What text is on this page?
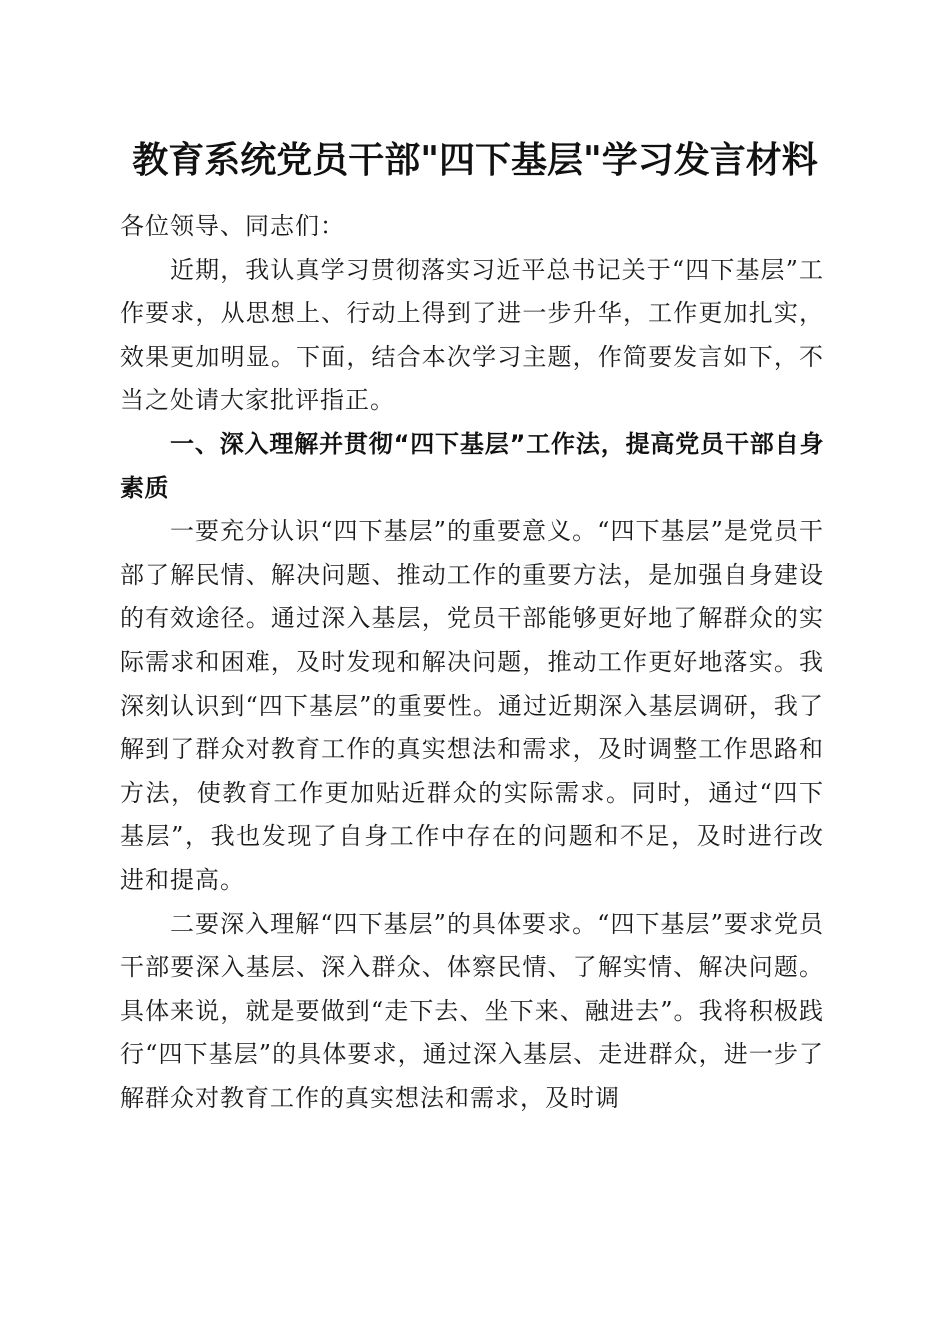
教育系统党员干部"四下基层"学习发言材料

各位领导、同志们：

近期，我认真学习贯彻落实习近平总书记关于“四下基层”工作要求，从思想上、行动上得到了进一步升华，工作更加扎实，效果更加明显。下面，结合本次学习主题，作简要发言如下，不当之处请大家批评指正。

一、深入理解并贯彻“四下基层”工作法，提高党员干部自身素质

一要充分认识“四下基层”的重要意义。“四下基层”是党员干部了解民情、解决问题、推动工作的重要方法，是加强自身建设的有效途径。通过深入基层，党员干部能够更好地了解群众的实际需求和困难，及时发现和解决问题，推动工作更好地落实。我深刻认识到“四下基层”的重要性。通过近期深入基层调研，我了解到了群众对教育工作的真实想法和需求，及时调整工作思路和方法，使教育工作更加贴近群众的实际需求。同时，通过“四下基层”，我也发现了自身工作中存在的问题和不足，及时进行改进和提高。

二要深入理解“四下基层”的具体要求。“四下基层”要求党员干部要深入基层、深入群众、体察民情、了解实情、解决问题。具体来说，就是要做到“走下去、坐下来、融进去”。我将积极践行“四下基层”的具体要求，通过深入基层、走进群众，进一步了解群众对教育工作的真实想法和需求，及时调
